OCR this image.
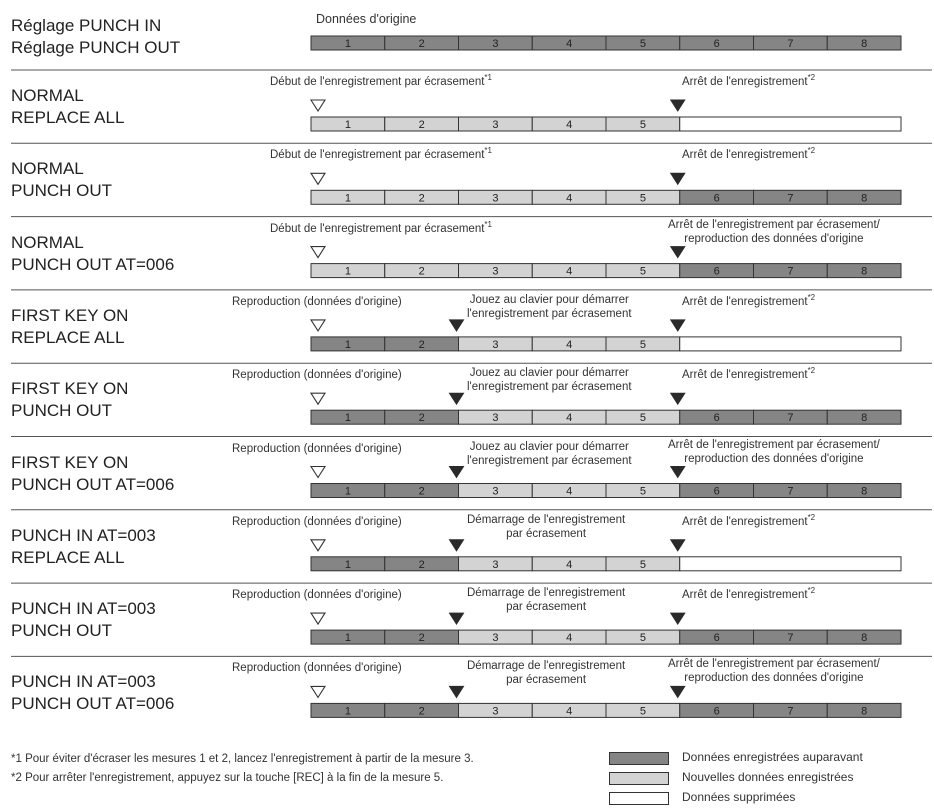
1	2	3	4	5	6	7	8
1	2	3	4	5
1	2	3	4	5	6	7	8
1	2	3	4	5	6	7	8
1	2	3	4	5
1	2	3	4	5	6	7	8
1	2	3	4	5	6	7	8
1	2	3	4	5
1	2	3	4	5	6	7	8
1	2	3	4	5	6	7	8
Réglage PUNCH IN
Réglage PUNCH OUT
Données d'origine
*1 Pour éviter d'écraser les mesures 1 et 2, lancez l'enregistrement à partir de la mesure 3.
*2 Pour arrêter l'enregistrement, appuyez sur la touche [REC] à la fin de la mesure 5.
Données enregistrées auparavant
Nouvelles données enregistrées
Données supprimées
NORMAL
REPLACE ALL
Début de l'enregistrement par écrasement$^{*1}$	Arrêt de l'enregistrement$^{*2}$
NORMAL
PUNCH OUT
Début de l'enregistrement par écrasement$^{*1}$	Arrêt de l'enregistrement$^{*2}$
NORMAL
PUNCH OUT AT=006
Début de l'enregistrement par écrasement$^{*1}$	Arrêt de l'enregistrement par écrasement/
reproduction des données d'origine
FIRST KEY ON
REPLACE ALL
Reproduction (données d'origine)	Jouez au clavier pour démarrer
l'enregistrement par écrasement
Arrêt de l'enregistrement$^{*2}$
FIRST KEY ON
PUNCH OUT
Reproduction (données d'origine)	Jouez au clavier pour démarrer
l'enregistrement par écrasement
Arrêt de l'enregistrement$^{*2}$
FIRST KEY ON
PUNCH OUT AT=006
Reproduction (données d'origine)	Jouez au clavier pour démarrer
l'enregistrement par écrasement
Arrêt de l'enregistrement par écrasement/
reproduction des données d'origine
PUNCH IN AT=003
REPLACE ALL
Reproduction (données d'origine)	Démarrage de l'enregistrement
par écrasement
Arrêt de l'enregistrement$^{*2}$
PUNCH IN AT=003
PUNCH OUT
Reproduction (données d'origine)	Démarrage de l'enregistrement
par écrasement
Arrêt de l'enregistrement$^{*2}$
PUNCH IN AT=003
PUNCH OUT AT=006
Reproduction (données d'origine)	Démarrage de l'enregistrement
par écrasement
Arrêt de l'enregistrement par écrasement/
reproduction des données d'origine
